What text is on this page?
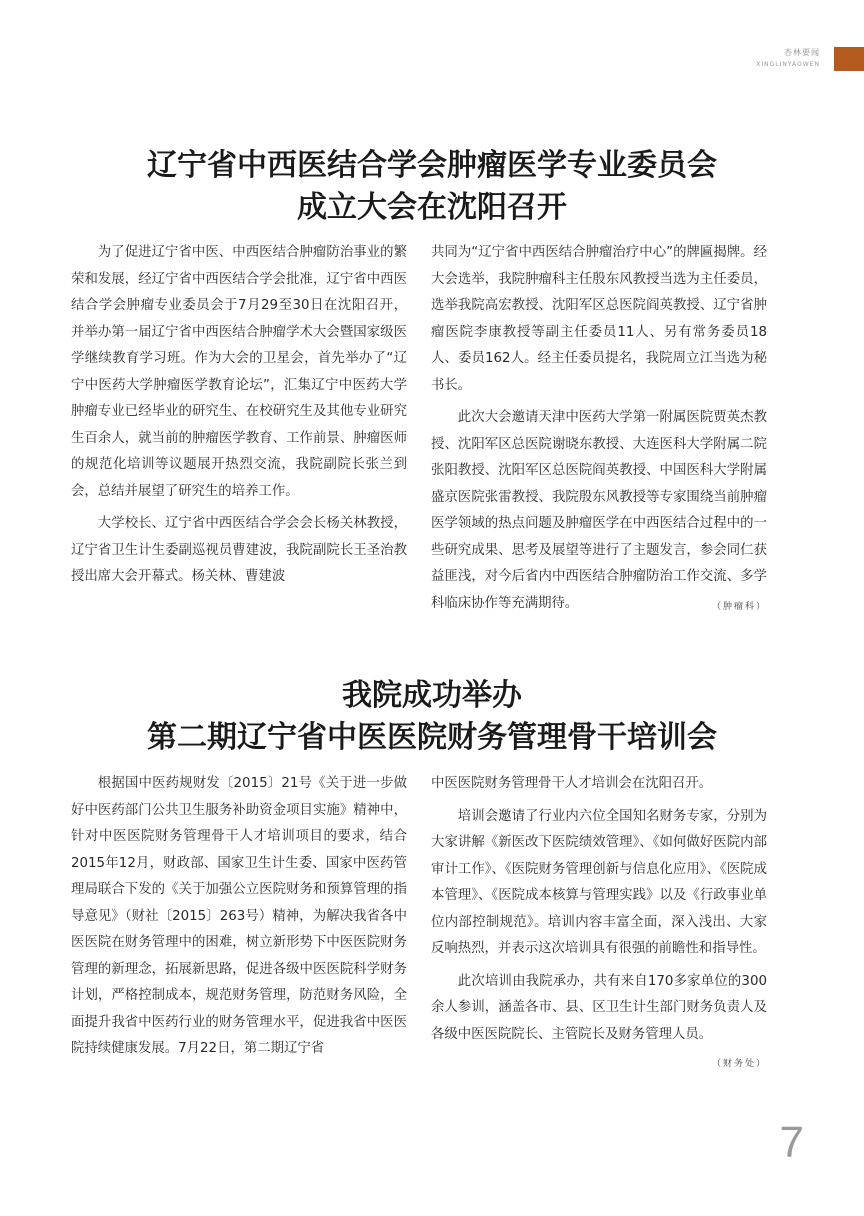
杏林要闻
XINGLINYAOWEN
辽宁省中西医结合学会肿瘤医学专业委员会
成立大会在沈阳召开

为了促进辽宁省中医、中西医结合肿瘤防治事业的繁荣和发展，经辽宁省中西医结合学会批准，辽宁省中西医结合学会肿瘤专业委员会于7月29至30日在沈阳召开，并举办第一届辽宁省中西医结合肿瘤学术大会暨国家级医学继续教育学习班。作为大会的卫星会，首先举办了“辽宁中医药大学肿瘤医学教育论坛”，汇集辽宁中医药大学肿瘤专业已经毕业的研究生、在校研究生及其他专业研究生百余人，就当前的肿瘤医学教育、工作前景、肿瘤医师的规范化培训等议题展开热烈交流，我院副院长张兰到会，总结并展望了研究生的培养工作。

大学校长、辽宁省中西医结合学会会长杨关林教授，辽宁省卫生计生委副巡视员曹建波，我院副院长王圣治教授出席大会开幕式。杨关林、曹建波

共同为“辽宁省中西医结合肿瘤治疗中心”的牌匾揭牌。经大会选举，我院肿瘤科主任殷东风教授当选为主任委员，选举我院高宏教授、沈阳军区总医院阎英教授、辽宁省肿瘤医院李康教授等副主任委员11人、另有常务委员18人、委员162人。经主任委员提名，我院周立江当选为秘书长。

此次大会邀请天津中医药大学第一附属医院贾英杰教授、沈阳军区总医院谢晓东教授、大连医科大学附属二院张阳教授、沈阳军区总医院阎英教授、中国医科大学附属盛京医院张雷教授、我院殷东风教授等专家围绕当前肿瘤医学领域的热点问题及肿瘤医学在中西医结合过程中的一些研究成果、思考及展望等进行了主题发言，参会同仁获益匪浅，对今后省内中西医结合肿瘤防治工作交流、多学科临床协作等充满期待。	（肿瘤科）

我院成功举办
第二期辽宁省中医医院财务管理骨干培训会

根据国中医药规财发〔2015〕21号《关于进一步做好中医药部门公共卫生服务补助资金项目实施》精神中，针对中医医院财务管理骨干人才培训项目的要求，结合2015年12月，财政部、国家卫生计生委、国家中医药管理局联合下发的《关于加强公立医院财务和预算管理的指导意见》（财社〔2015〕263号）精神，为解决我省各中医医院在财务管理中的困难，树立新形势下中医医院财务管理的新理念，拓展新思路，促进各级中医医院科学财务计划，严格控制成本，规范财务管理，防范财务风险，全面提升我省中医药行业的财务管理水平，促进我省中医医院持续健康发展。7月22日，第二期辽宁省

中医医院财务管理骨干人才培训会在沈阳召开。

培训会邀请了行业内六位全国知名财务专家，分别为大家讲解《新医改下医院绩效管理》、《如何做好医院内部审计工作》、《医院财务管理创新与信息化应用》、《医院成本管理》、《医院成本核算与管理实践》以及《行政事业单位内部控制规范》。培训内容丰富全面，深入浅出、大家反响热烈，并表示这次培训具有很强的前瞻性和指导性。

此次培训由我院承办，共有来自170多家单位的300余人参训，涵盖各市、县、区卫生计生部门财务负责人及各级中医医院院长、主管院长及财务管理人员。
（财务处）

7
